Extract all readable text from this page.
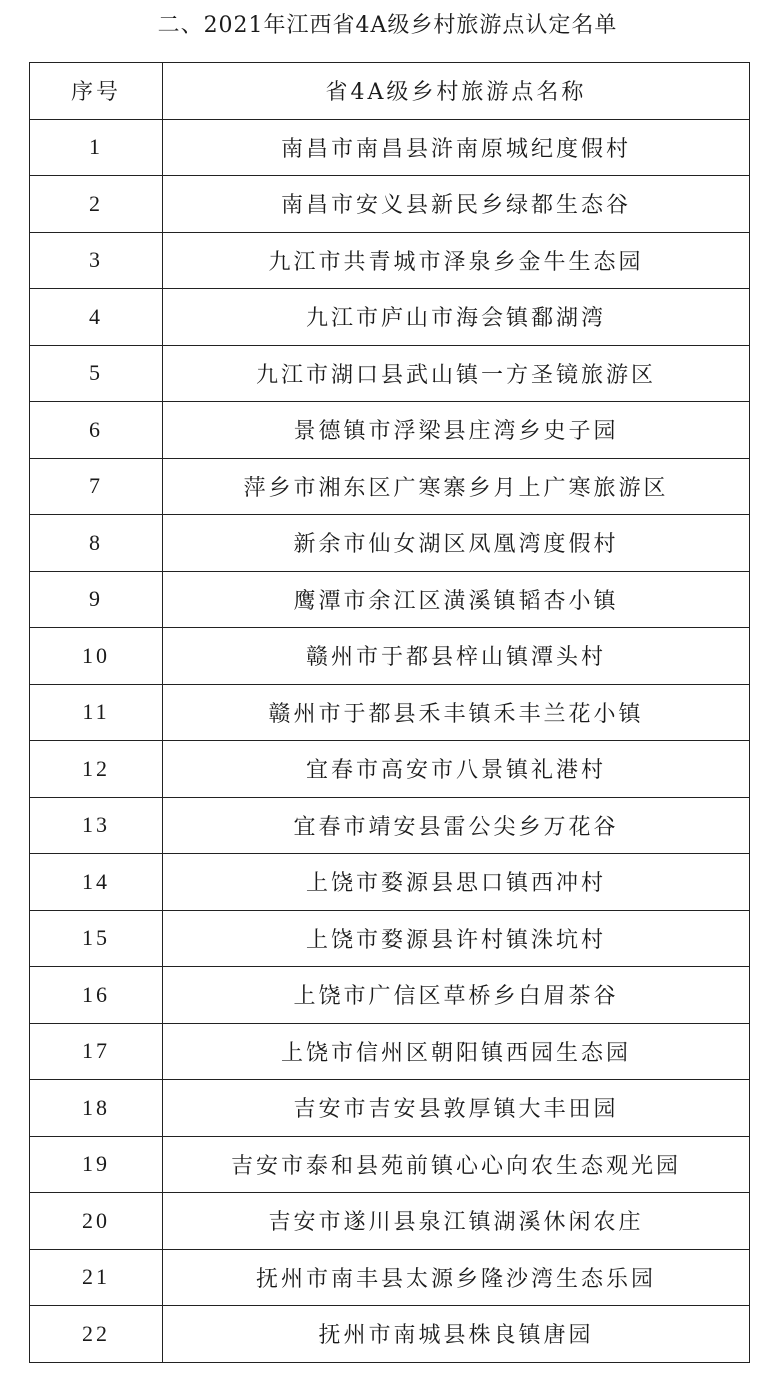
二、2021年江西省4A级乡村旅游点认定名单
序号	省4A级乡村旅游点名称
1	南昌市南昌县浒南原城纪度假村
2	南昌市安义县新民乡绿都生态谷
3	九江市共青城市泽泉乡金牛生态园
4	九江市庐山市海会镇鄱湖湾
5	九江市湖口县武山镇一方圣镜旅游区
6	景德镇市浮梁县庄湾乡史子园
7	萍乡市湘东区广寒寨乡月上广寒旅游区
8	新余市仙女湖区凤凰湾度假村
9	鹰潭市余江区潢溪镇韬杏小镇
10	赣州市于都县梓山镇潭头村
11	赣州市于都县禾丰镇禾丰兰花小镇
12	宜春市高安市八景镇礼港村
13	宜春市靖安县雷公尖乡万花谷
14	上饶市婺源县思口镇西冲村
15	上饶市婺源县许村镇洙坑村
16	上饶市广信区草桥乡白眉茶谷
17	上饶市信州区朝阳镇西园生态园
18	吉安市吉安县敦厚镇大丰田园
19	吉安市泰和县苑前镇心心向农生态观光园
20	吉安市遂川县泉江镇湖溪休闲农庄
21	抚州市南丰县太源乡隆沙湾生态乐园
22	抚州市南城县株良镇唐园
